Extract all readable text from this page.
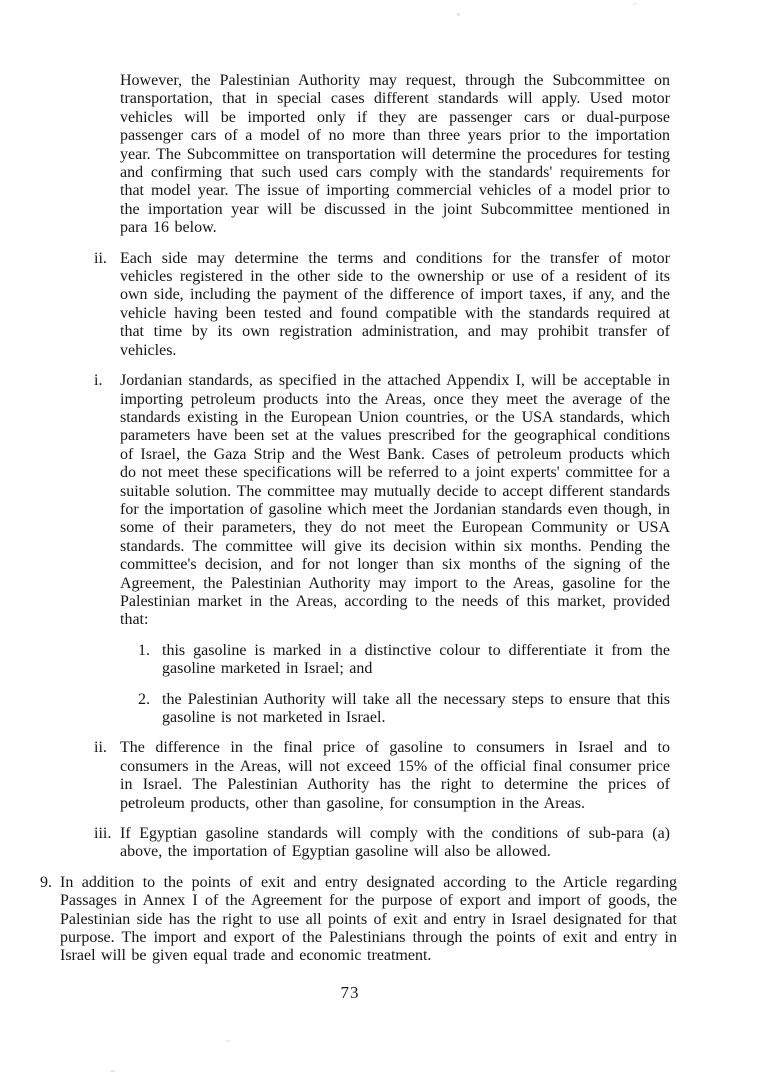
However, the Palestinian Authority may request, through the Subcommittee on transportation, that in special cases different standards will apply. Used motor vehicles will be imported only if they are passenger cars or dual-purpose passenger cars of a model of no more than three years prior to the importation year. The Subcommittee on transportation will determine the procedures for testing and confirming that such used cars comply with the standards' requirements for that model year. The issue of importing commercial vehicles of a model prior to the importation year will be discussed in the joint Subcommittee mentioned in para 16 below.
ii. Each side may determine the terms and conditions for the transfer of motor vehicles registered in the other side to the ownership or use of a resident of its own side, including the payment of the difference of import taxes, if any, and the vehicle having been tested and found compatible with the standards required at that time by its own registration administration, and may prohibit transfer of vehicles.
i.	Jordanian standards, as specified in the attached Appendix I, will be acceptable in importing petroleum products into the Areas, once they meet the average of the standards existing in the European Union countries, or the USA standards, which parameters have been set at the values prescribed for the geographical conditions of Israel, the Gaza Strip and the West Bank. Cases of petroleum products which do not meet these specifications will be referred to a joint experts' committee for a suitable solution. The committee may mutually decide to accept different standards for the importation of gasoline which meet the Jordanian standards even though, in some of their parameters, they do not meet the European Community or USA standards. The committee will give its decision within six months. Pending the committee's decision, and for not longer than six months of the signing of the Agreement, the Palestinian Authority may import to the Areas, gasoline for the Palestinian market in the Areas, according to the needs of this market, provided that:
1. this gasoline is marked in a distinctive colour to differentiate it from the gasoline marketed in Israel; and
2. the Palestinian Authority will take all the necessary steps to ensure that this gasoline is not marketed in Israel.
ii. The difference in the final price of gasoline to consumers in Israel and to consumers in the Areas, will not exceed 15% of the official final consumer price in Israel. The Palestinian Authority has the right to determine the prices of petroleum products, other than gasoline, for consumption in the Areas.
iii. If Egyptian gasoline standards will comply with the conditions of sub-para (a) above, the importation of Egyptian gasoline will also be allowed.
9. In addition to the points of exit and entry designated according to the Article regarding Passages in Annex I of the Agreement for the purpose of export and import of goods, the Palestinian side has the right to use all points of exit and entry in Israel designated for that purpose. The import and export of the Palestinians through the points of exit and entry in Israel will be given equal trade and economic treatment.
73
